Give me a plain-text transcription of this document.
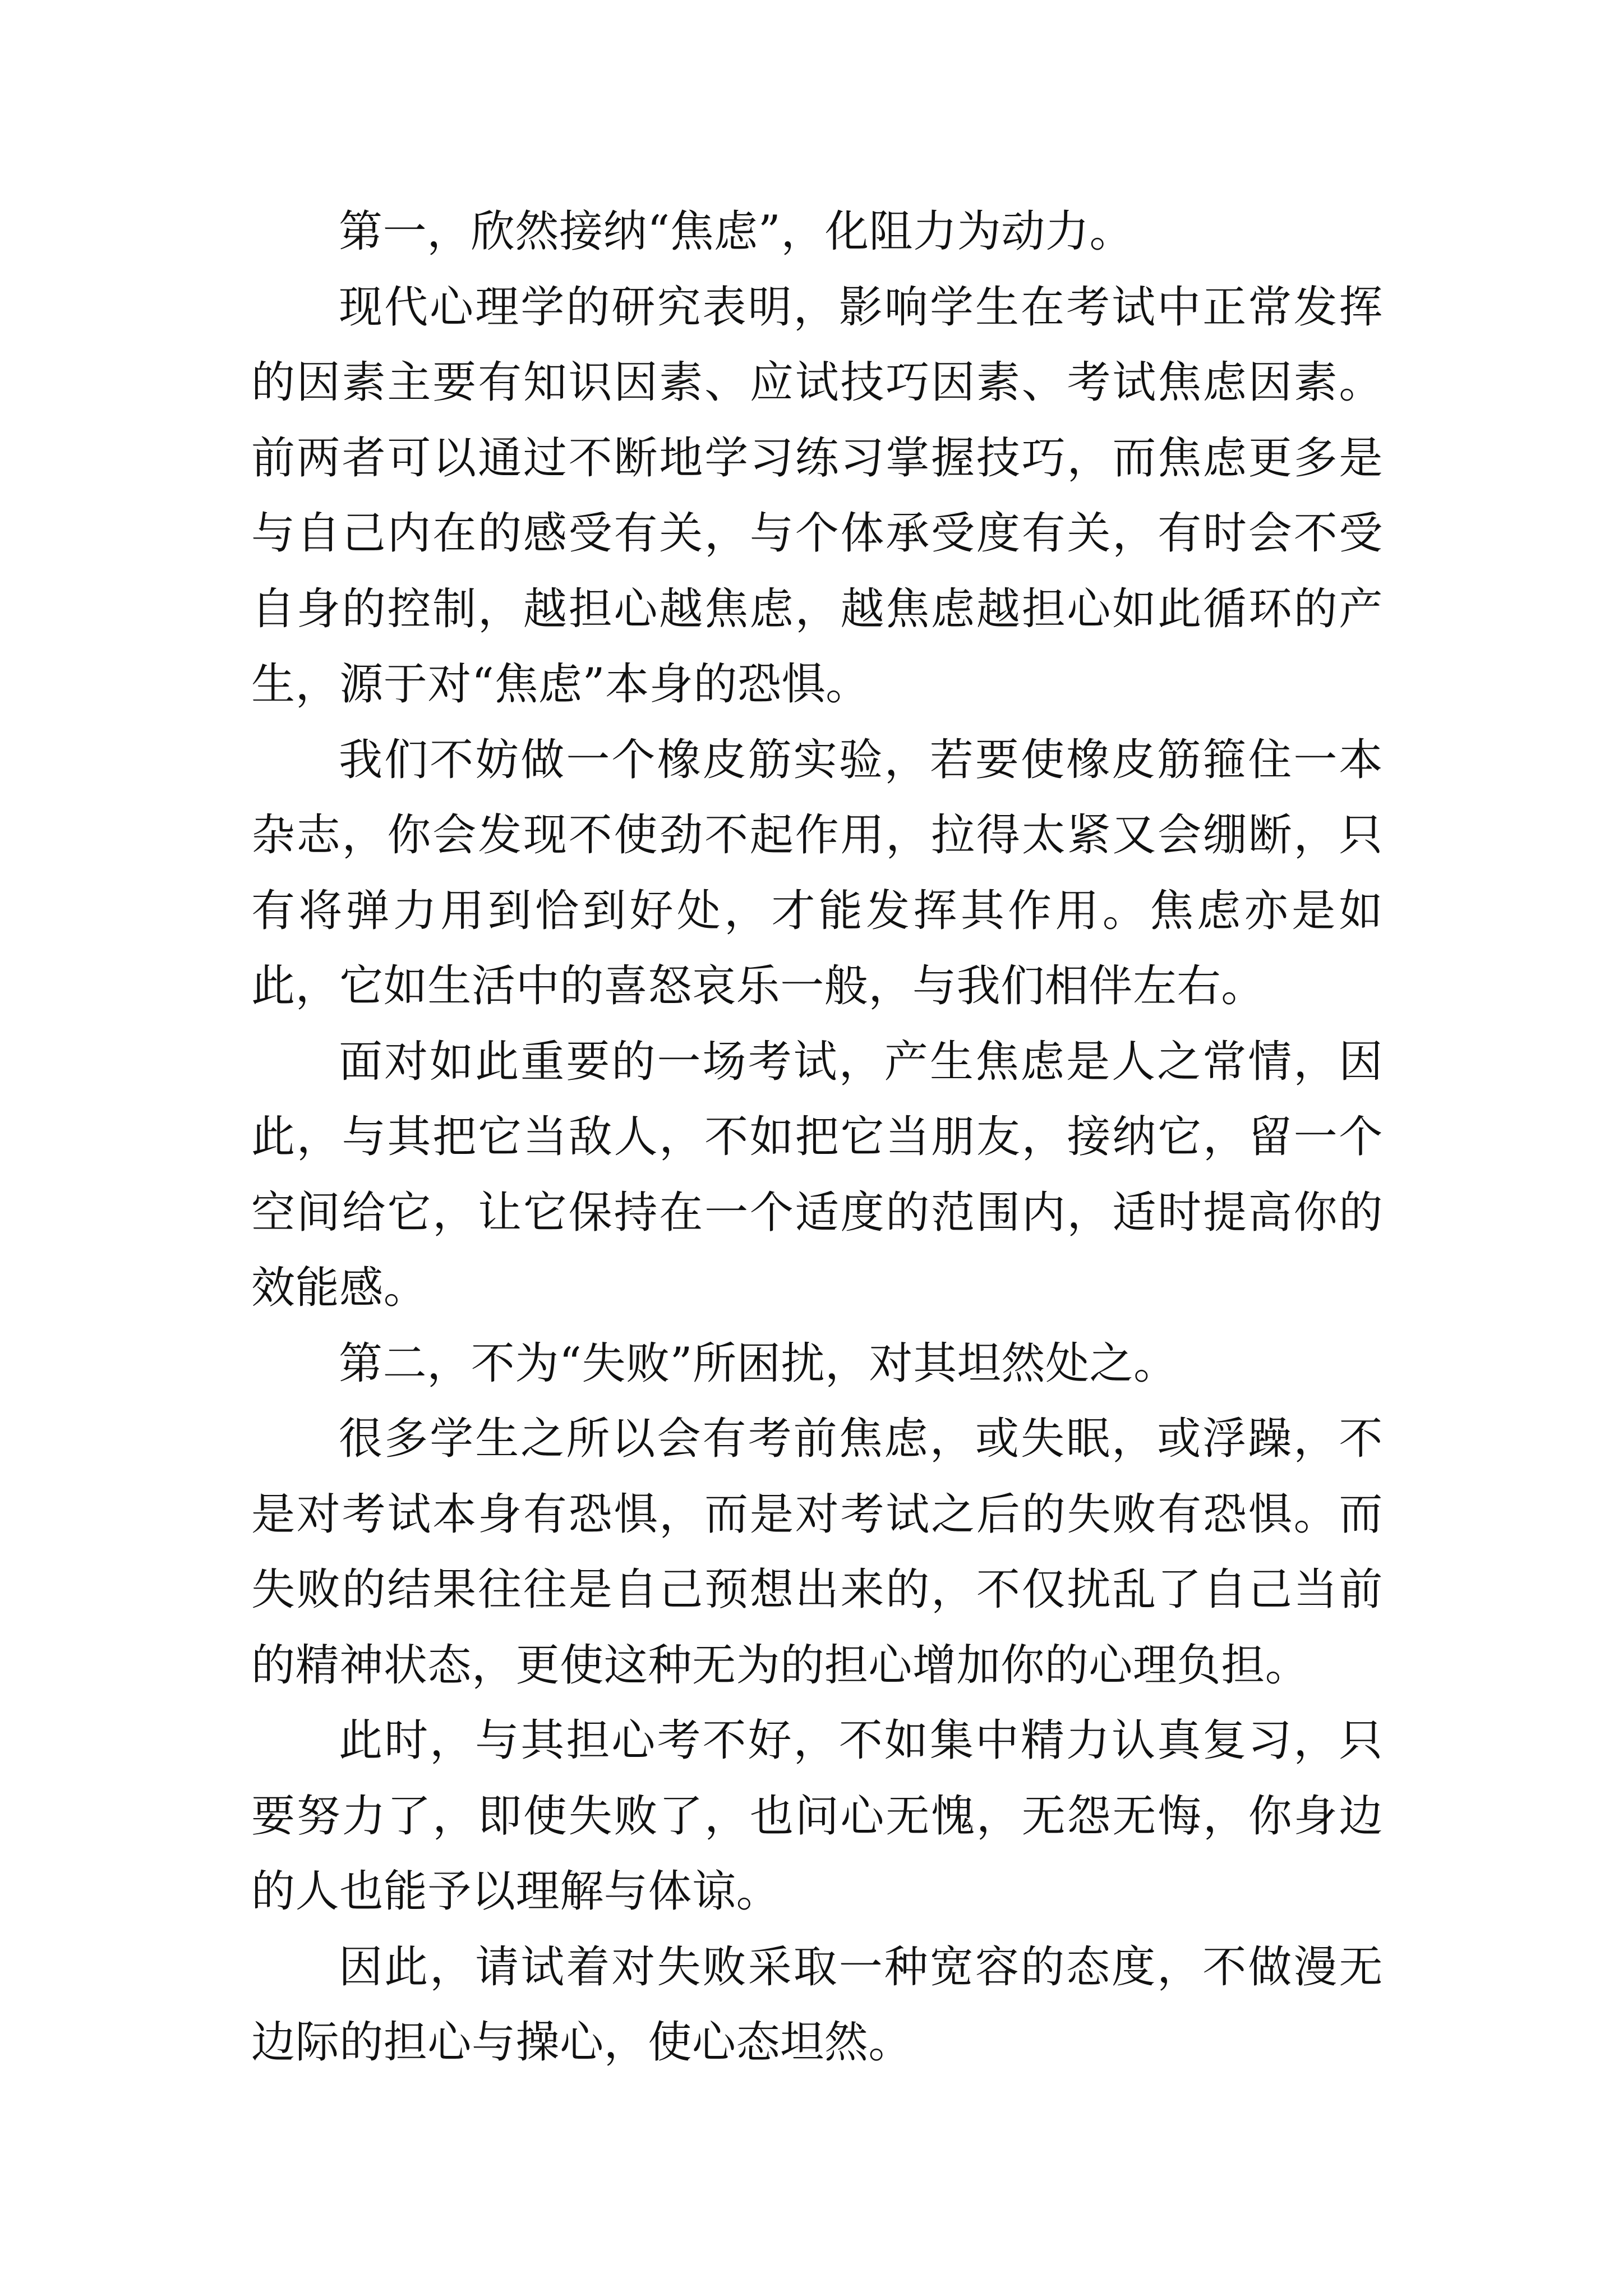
第一，欣然接纳“焦虑”，化阻力为动力。

现代心理学的研究表明，影响学生在考试中正常发挥的因素主要有知识因素、应试技巧因素、考试焦虑因素。前两者可以通过不断地学习练习掌握技巧，而焦虑更多是与自己内在的感受有关，与个体承受度有关，有时会不受自身的控制，越担心越焦虑，越焦虑越担心如此循环的产生，源于对“焦虑”本身的恐惧。

我们不妨做一个橡皮筋实验，若要使橡皮筋箍住一本杂志，你会发现不使劲不起作用，拉得太紧又会绷断，只有将弹力用到恰到好处，才能发挥其作用。焦虑亦是如此，它如生活中的喜怒哀乐一般，与我们相伴左右。

面对如此重要的一场考试，产生焦虑是人之常情，因此，与其把它当敌人，不如把它当朋友，接纳它，留一个空间给它，让它保持在一个适度的范围内，适时提高你的效能感。

第二，不为“失败”所困扰，对其坦然处之。

很多学生之所以会有考前焦虑，或失眠，或浮躁，不是对考试本身有恐惧，而是对考试之后的失败有恐惧。而失败的结果往往是自己预想出来的，不仅扰乱了自己当前的精神状态，更使这种无为的担心增加你的心理负担。

此时，与其担心考不好，不如集中精力认真复习，只要努力了，即使失败了，也问心无愧，无怨无悔，你身边的人也能予以理解与体谅。

因此，请试着对失败采取一种宽容的态度，不做漫无边际的担心与操心，使心态坦然。
